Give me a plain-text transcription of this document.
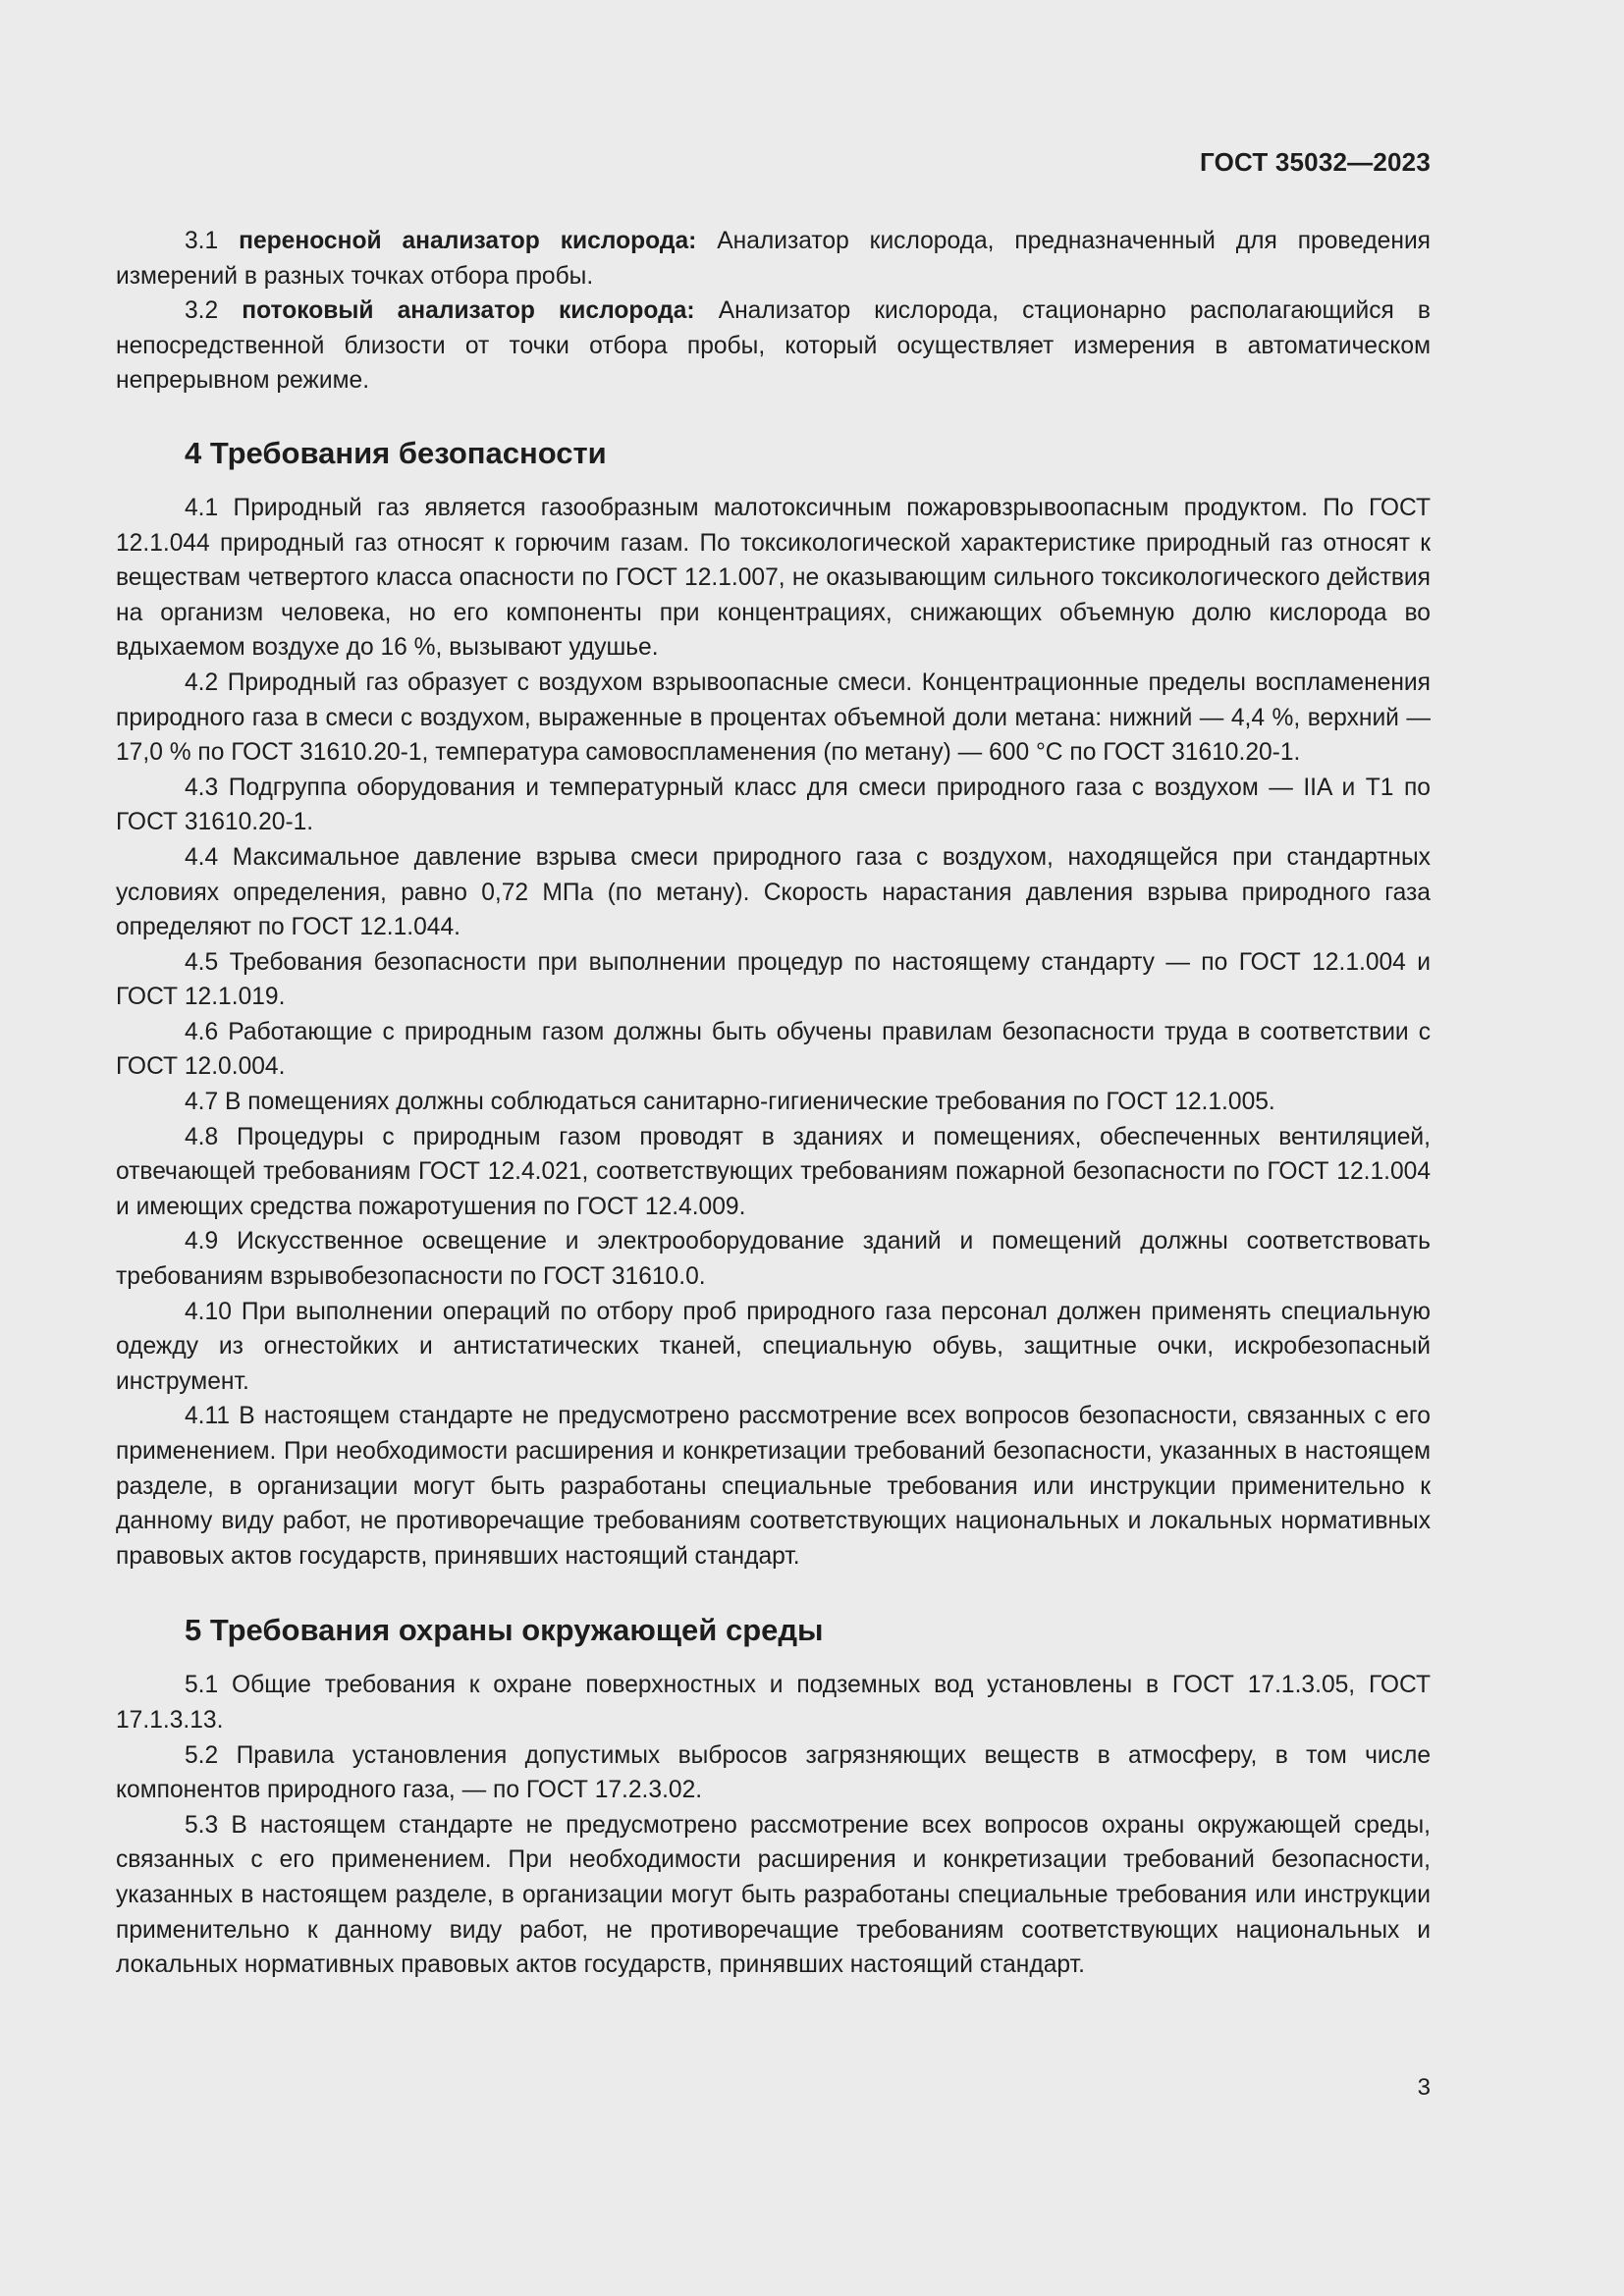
ГОСТ 35032—2023

3.1 переносной анализатор кислорода: Анализатор кислорода, предназначенный для проведения измерений в разных точках отбора пробы.

3.2 потоковый анализатор кислорода: Анализатор кислорода, стационарно располагающийся в непосредственной близости от точки отбора пробы, который осуществляет измерения в автоматическом непрерывном режиме.

4 Требования безопасности

4.1 Природный газ является газообразным малотоксичным пожаровзрывоопасным продуктом. По ГОСТ 12.1.044 природный газ относят к горючим газам. По токсикологической характеристике природный газ относят к веществам четвертого класса опасности по ГОСТ 12.1.007, не оказывающим сильного токсикологического действия на организм человека, но его компоненты при концентрациях, снижающих объемную долю кислорода во вдыхаемом воздухе до 16 %, вызывают удушье.

4.2 Природный газ образует с воздухом взрывоопасные смеси. Концентрационные пределы воспламенения природного газа в смеси с воздухом, выраженные в процентах объемной доли метана: нижний — 4,4 %, верхний — 17,0 % по ГОСТ 31610.20-1, температура самовоспламенения (по метану) — 600 °C по ГОСТ 31610.20-1.

4.3 Подгруппа оборудования и температурный класс для смеси природного газа с воздухом — IIA и Т1 по ГОСТ 31610.20-1.

4.4 Максимальное давление взрыва смеси природного газа с воздухом, находящейся при стандартных условиях определения, равно 0,72 МПа (по метану). Скорость нарастания давления взрыва природного газа определяют по ГОСТ 12.1.044.

4.5 Требования безопасности при выполнении процедур по настоящему стандарту — по ГОСТ 12.1.004 и ГОСТ 12.1.019.

4.6 Работающие с природным газом должны быть обучены правилам безопасности труда в соответствии с ГОСТ 12.0.004.

4.7 В помещениях должны соблюдаться санитарно-гигиенические требования по ГОСТ 12.1.005.

4.8 Процедуры с природным газом проводят в зданиях и помещениях, обеспеченных вентиляцией, отвечающей требованиям ГОСТ 12.4.021, соответствующих требованиям пожарной безопасности по ГОСТ 12.1.004 и имеющих средства пожаротушения по ГОСТ 12.4.009.

4.9 Искусственное освещение и электрооборудование зданий и помещений должны соответствовать требованиям взрывобезопасности по ГОСТ 31610.0.

4.10 При выполнении операций по отбору проб природного газа персонал должен применять специальную одежду из огнестойких и антистатических тканей, специальную обувь, защитные очки, искробезопасный инструмент.

4.11 В настоящем стандарте не предусмотрено рассмотрение всех вопросов безопасности, связанных с его применением. При необходимости расширения и конкретизации требований безопасности, указанных в настоящем разделе, в организации могут быть разработаны специальные требования или инструкции применительно к данному виду работ, не противоречащие требованиям соответствующих национальных и локальных нормативных правовых актов государств, принявших настоящий стандарт.

5 Требования охраны окружающей среды

5.1 Общие требования к охране поверхностных и подземных вод установлены в ГОСТ 17.1.3.05, ГОСТ 17.1.3.13.

5.2 Правила установления допустимых выбросов загрязняющих веществ в атмосферу, в том числе компонентов природного газа, — по ГОСТ 17.2.3.02.

5.3 В настоящем стандарте не предусмотрено рассмотрение всех вопросов охраны окружающей среды, связанных с его применением. При необходимости расширения и конкретизации требований безопасности, указанных в настоящем разделе, в организации могут быть разработаны специальные требования или инструкции применительно к данному виду работ, не противоречащие требованиям соответствующих национальных и локальных нормативных правовых актов государств, принявших настоящий стандарт.

3
